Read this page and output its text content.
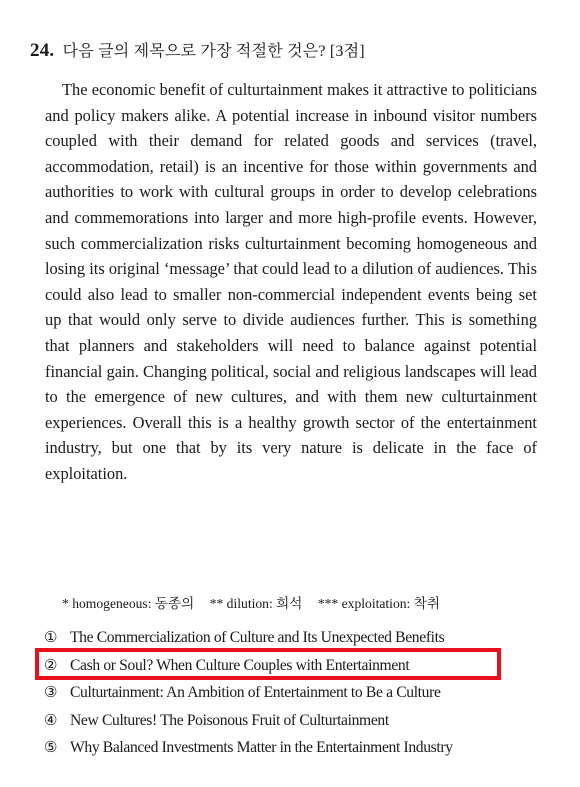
24. 다음 글의 제목으로 가장 적절한 것은? [3점]

The economic benefit of culturtainment makes it attractive to politicians and policy makers alike. A potential increase in inbound visitor numbers coupled with their demand for related goods and services (travel, accommodation, retail) is an incentive for those within governments and authorities to work with cultural groups in order to develop celebrations and commemorations into larger and more high-profile events. However, such commercialization risks culturtainment becoming homogeneous and losing its original ‘message’ that could lead to a dilution of audiences. This could also lead to smaller non-commercial independent events being set up that would only serve to divide audiences further. This is something that planners and stakeholders will need to balance against potential financial gain. Changing political, social and religious landscapes will lead to the emergence of new cultures, and with them new culturtainment experiences. Overall this is a healthy growth sector of the entertainment industry, but one that by its very nature is delicate in the face of exploitation.

* homogeneous: 동종의 ** dilution: 희석 *** exploitation: 착취
① The Commercialization of Culture and Its Unexpected Benefits
② Cash or Soul? When Culture Couples with Entertainment
③ Culturtainment: An Ambition of Entertainment to Be a Culture
④ New Cultures! The Poisonous Fruit of Culturtainment
⑤ Why Balanced Investments Matter in the Entertainment Industry
